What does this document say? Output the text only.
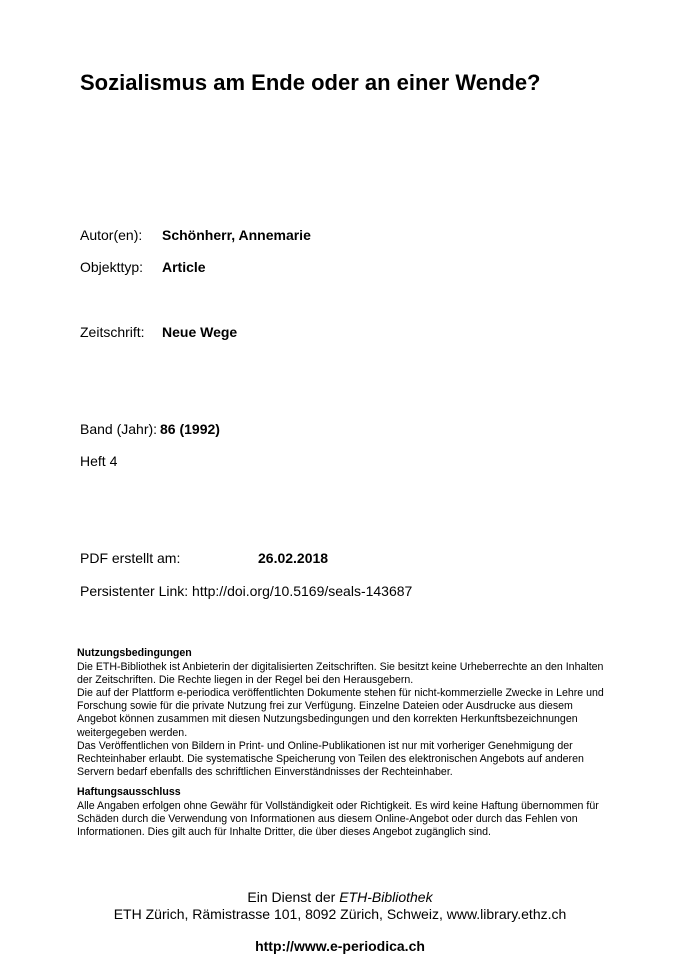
Sozialismus am Ende oder an einer Wende?
Autor(en): Schönherr, Annemarie
Objekttyp: Article
Zeitschrift: Neue Wege
Band (Jahr): 86 (1992)
Heft 4
PDF erstellt am:	26.02.2018
Persistenter Link: http://doi.org/10.5169/seals-143687
Nutzungsbedingungen

Die ETH-Bibliothek ist Anbieterin der digitalisierten Zeitschriften. Sie besitzt keine Urheberrechte an den Inhalten der Zeitschriften. Die Rechte liegen in der Regel bei den Herausgebern.

Die auf der Plattform e-periodica veröffentlichten Dokumente stehen für nicht-kommerzielle Zwecke in Lehre und Forschung sowie für die private Nutzung frei zur Verfügung. Einzelne Dateien oder Ausdrucke aus diesem Angebot können zusammen mit diesen Nutzungsbedingungen und den korrekten Herkunftsbezeichnungen weitergegeben werden.

Das Veröffentlichen von Bildern in Print- und Online-Publikationen ist nur mit vorheriger Genehmigung der Rechteinhaber erlaubt. Die systematische Speicherung von Teilen des elektronischen Angebots auf anderen Servern bedarf ebenfalls des schriftlichen Einverständnisses der Rechteinhaber.

Haftungsausschluss

Alle Angaben erfolgen ohne Gewähr für Vollständigkeit oder Richtigkeit. Es wird keine Haftung übernommen für Schäden durch die Verwendung von Informationen aus diesem Online-Angebot oder durch das Fehlen von Informationen. Dies gilt auch für Inhalte Dritter, die über dieses Angebot zugänglich sind.

Ein Dienst der ETH-Bibliothek
ETH Zürich, Rämistrasse 101, 8092 Zürich, Schweiz, www.library.ethz.ch
http://www.e-periodica.ch
